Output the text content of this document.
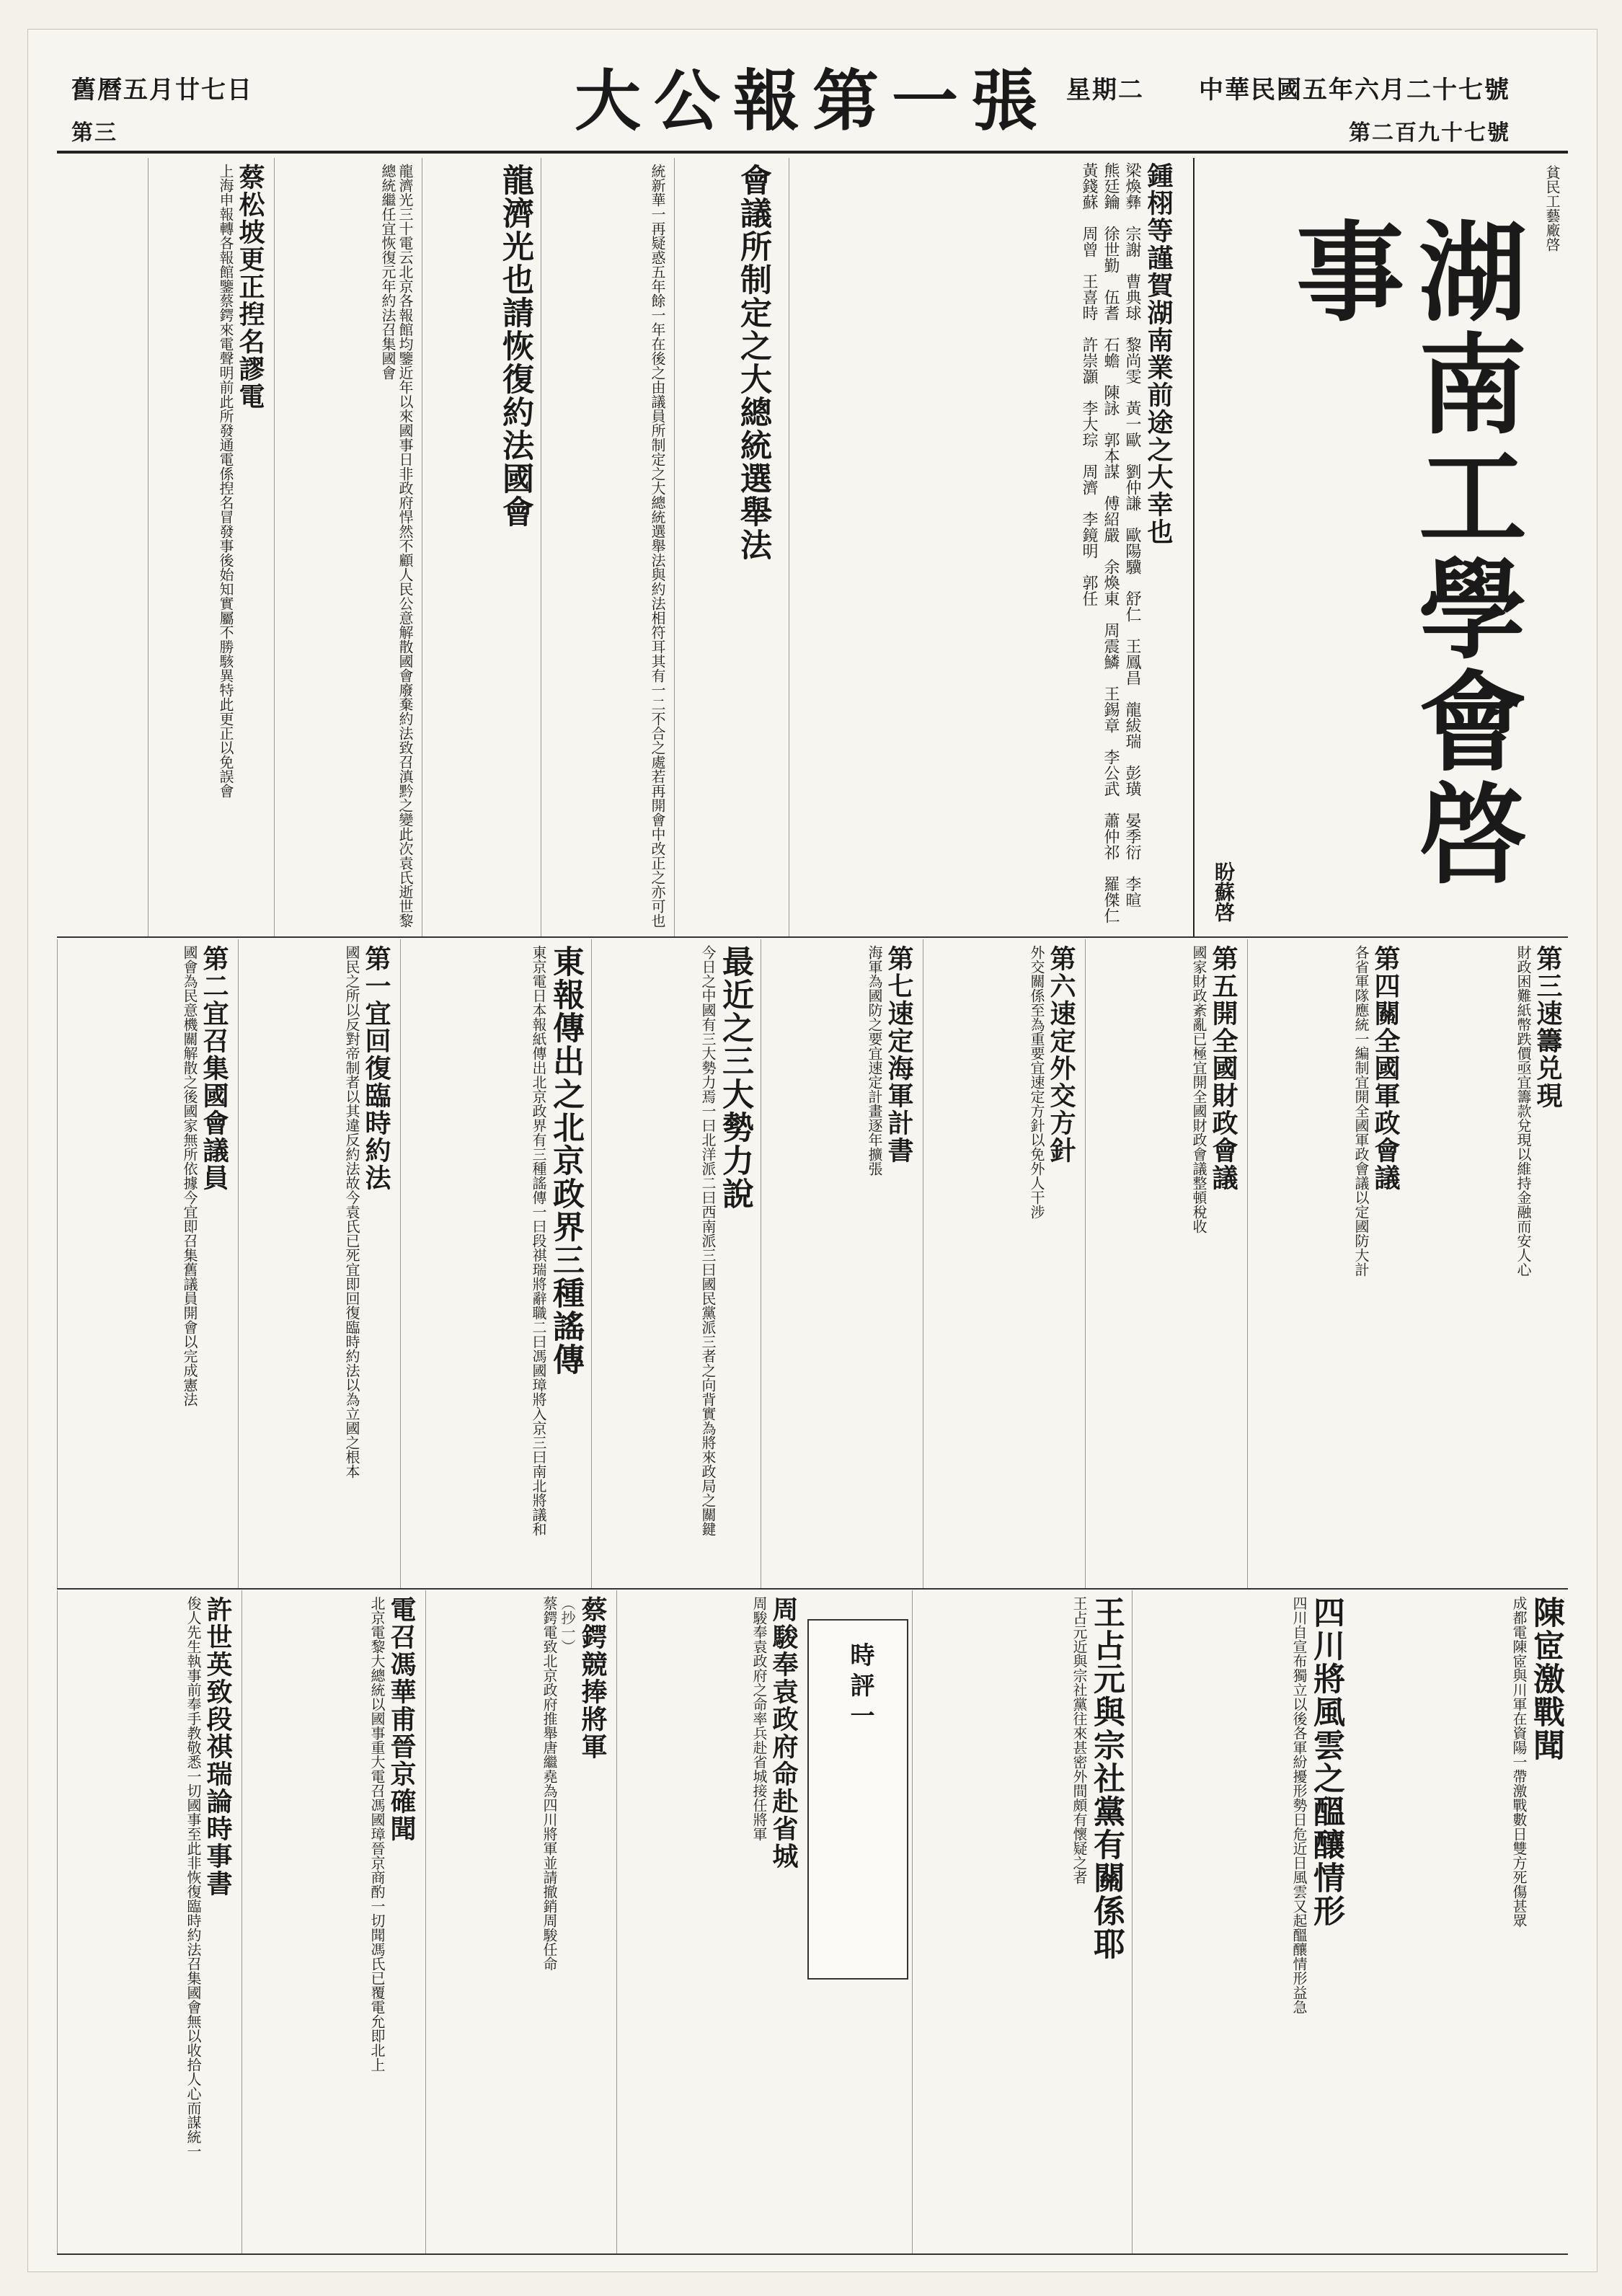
大公報第一張	中華民國五年六月二十七號
星期二
舊曆五月廿七日
第三	第二百九十七號
貧民工藝廠啓
湖南工學會啓事
盼蘇啓
鍾栩等謹賀湖南業前途之大幸也
梁煥彝　宗謝　曹典球　黎尚雯　黃一歐　劉仲謙　歐陽驥　舒仁　王鳳昌　龍紱瑞　彭璜　晏季衍　李暄　熊廷鑰　徐世勤　伍耆　石蟾　陳詠　郭本謀　傅紹嚴　余煥東　周震鱗　王錫章　李公武　蕭仲祁　羅傑仁　黃錢蘇　周曾　王喜時　許崇灝　李大琮　周濟　李鏡明　郭任　
會議所制定之大總統選舉法
統新華一再疑惑五年餘一年在後之由議員所制定之大總統選舉法與約法相符耳其有一二不合之處若再開會中改正之亦可也
龍濟光也請恢復約法國會
龍濟光三十電云北京各報館均鑒近年以來國事日非政府悍然不顧人民公意解散國會廢棄約法致召滇黔之變此次袁氏逝世黎總統繼任宜恢復元年約法召集國會
蔡松坡更正揑名謬電
上海申報轉各報館鑒蔡鍔來電聲明前此所發通電係揑名冒發事後始知實屬不勝駭異特此更正以免誤會
第三速籌兑現
財政困難紙幣跌價亟宜籌款兌現以維持金融而安人心
第四關全國軍政會議
各省軍隊應統一編制宜開全國軍政會議以定國防大計
第五開全國財政會議
國家財政紊亂已極宜開全國財政會議整頓稅收
第六速定外交方針
外交關係至為重要宜速定方針以免外人干涉
第七速定海軍計書
海軍為國防之要宜速定計畫逐年擴張
最近之三大勢力說
今日之中國有三大勢力焉一曰北洋派二曰西南派三曰國民黨派三者之向背實為將來政局之關鍵
東報傳出之北京政界三種謠傳
東京電日本報紙傳出北京政界有三種謠傳一曰段祺瑞將辭職二曰馮國璋將入京三曰南北將議和
第一宜回復臨時約法
國民之所以反對帝制者以其違反約法故今袁氏已死宜即回復臨時約法以為立國之根本
第二宜召集國會議員
國會為民意機關解散之後國家無所依據今宜即召集舊議員開會以完成憲法
陳宧激戰聞
成都電陳宧與川軍在資陽一帶激戰數日雙方死傷甚眾
四川將風雲之醞釀情形
四川自宣布獨立以後各軍紛擾形勢日危近日風雲又起醞釀情形益急
王占元與宗社黨有關係耶
王占元近與宗社黨往來甚密外間頗有懷疑之者
時評一
周駿奉袁政府命赴省城
周駿奉袁政府之命率兵赴省城接任將軍
蔡鍔競捧將軍
（抄一）
蔡鍔電致北京政府推舉唐繼堯為四川將軍並請撤銷周駿任命
電召馮華甫晉京確聞
北京電黎大總統以國事重大電召馮國璋晉京商酌一切聞馮氏已覆電允即北上
許世英致段祺瑞論時事書
俊人先生執事前奉手教敬悉一切國事至此非恢復臨時約法召集國會無以收拾人心而謀統一
